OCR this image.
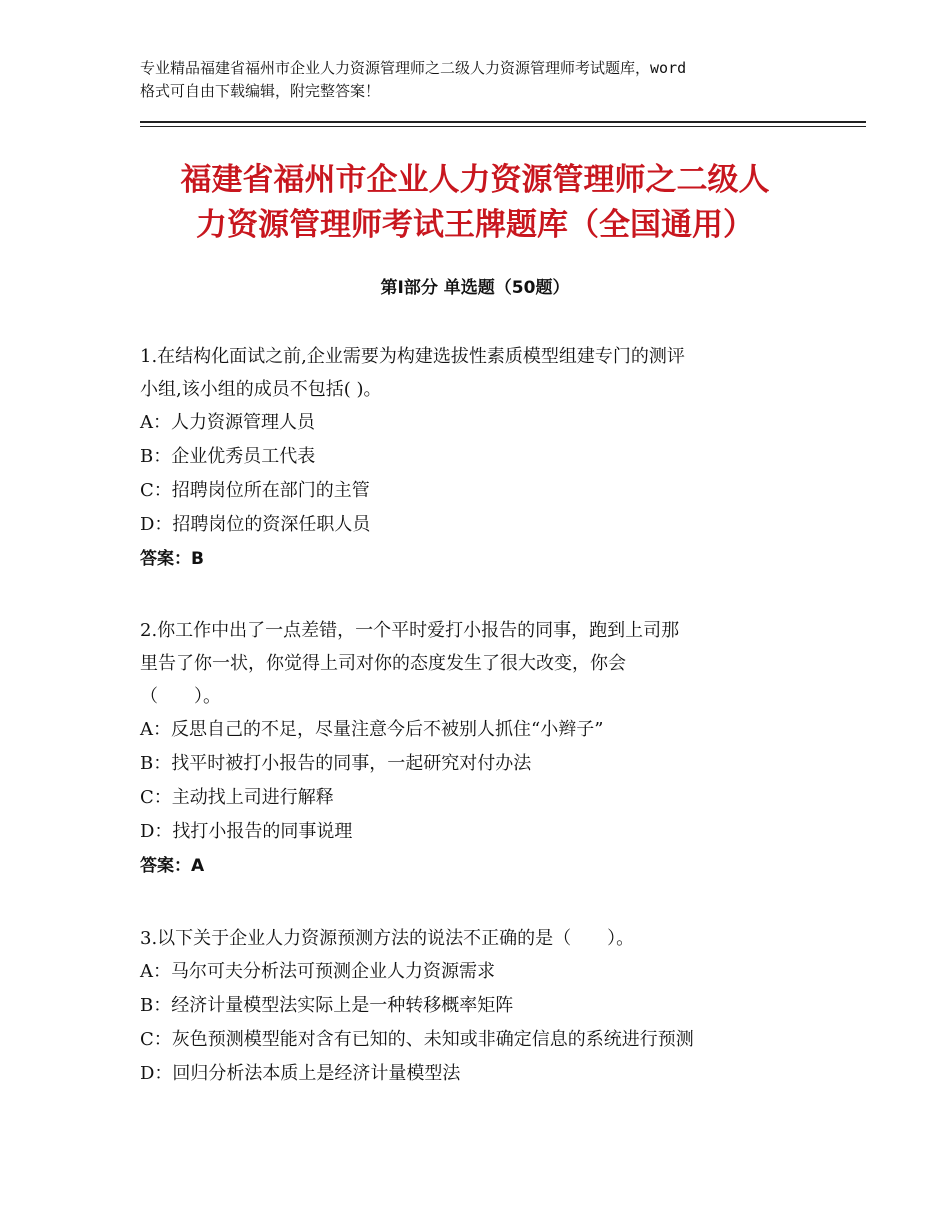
专业精品福建省福州市企业人力资源管理师之二级人力资源管理师考试题库，word
格式可自由下载编辑，附完整答案！
福建省福州市企业人力资源管理师之二级人
力资源管理师考试王牌题库（全国通用）
第Ⅰ部分 单选题（50题）

1.在结构化面试之前,企业需要为构建选拔性素质模型组建专门的测评
小组,该小组的成员不包括( )。

A：人力资源管理人员

B：企业优秀员工代表

C：招聘岗位所在部门的主管

D：招聘岗位的资深任职人员

答案：B

2.你工作中出了一点差错，一个平时爱打小报告的同事，跑到上司那
里告了你一状，你觉得上司对你的态度发生了很大改变，你会
（　　）。

A：反思自己的不足，尽量注意今后不被别人抓住“小辫子”

B：找平时被打小报告的同事，一起研究对付办法

C：主动找上司进行解释

D：找打小报告的同事说理

答案：A

3.以下关于企业人力资源预测方法的说法不正确的是（　　）。

A：马尔可夫分析法可预测企业人力资源需求

B：经济计量模型法实际上是一种转移概率矩阵

C：灰色预测模型能对含有已知的、未知或非确定信息的系统进行预测

D：回归分析法本质上是经济计量模型法
